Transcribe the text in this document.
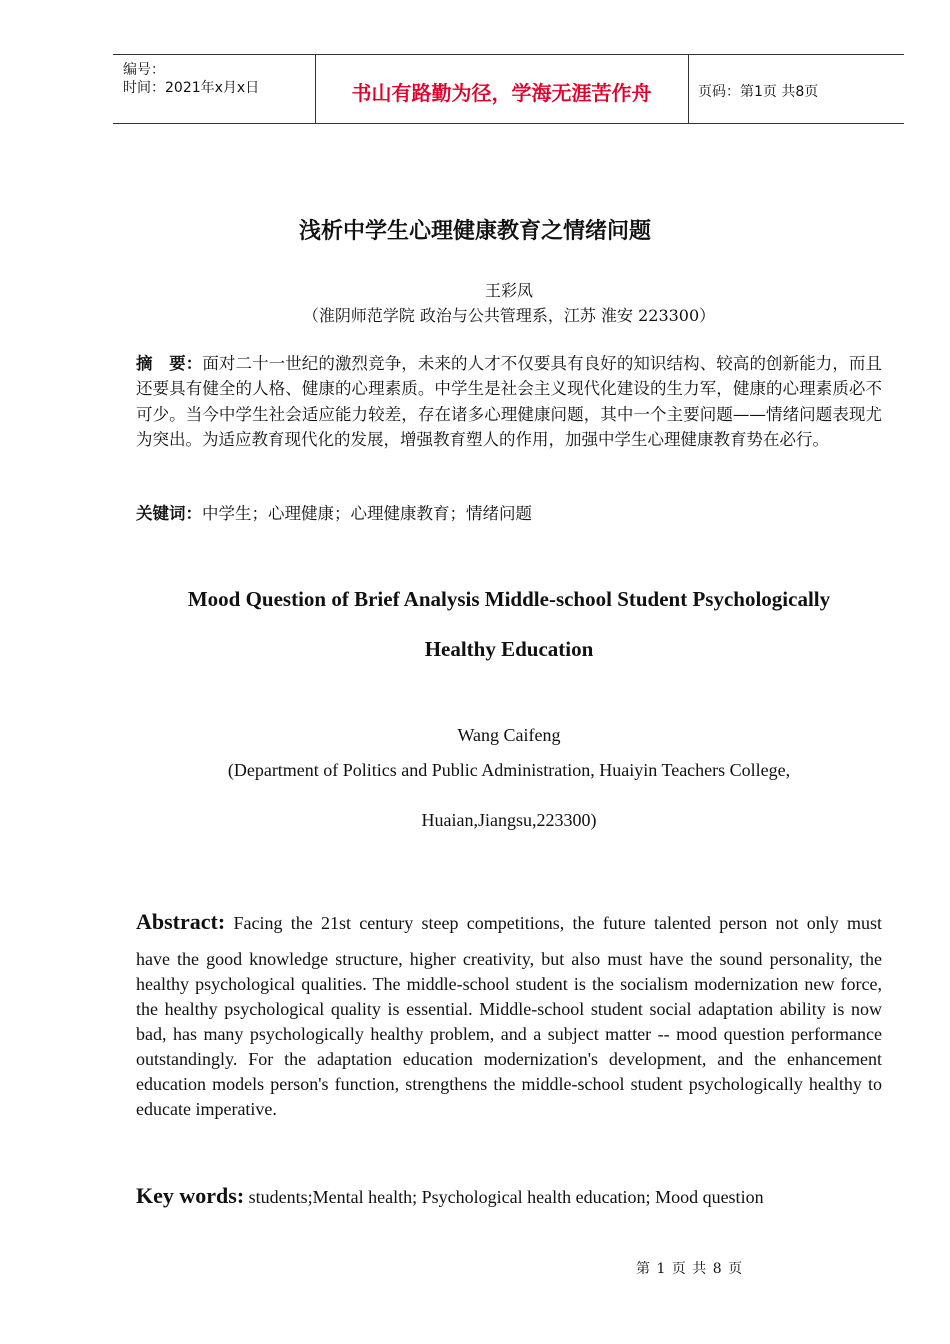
编号：
时间：2021年x月x日	书山有路勤为径，学海无涯苦作舟	页码：第1页 共8页
浅析中学生心理健康教育之情绪问题
王彩凤
（淮阴师范学院 政治与公共管理系，江苏 淮安 223300）
摘　要：面对二十一世纪的激烈竞争，未来的人才不仅要具有良好的知识结构、较高的创新能力，而且还要具有健全的人格、健康的心理素质。中学生是社会主义现代化建设的生力军，健康的心理素质必不可少。当今中学生社会适应能力较差，存在诸多心理健康问题，其中一个主要问题——情绪问题表现尤为突出。为适应教育现代化的发展，增强教育塑人的作用，加强中学生心理健康教育势在必行。
关键词：中学生；心理健康；心理健康教育；情绪问题
Mood Question of Brief Analysis Middle-school Student Psychologically
Healthy Education
Wang Caifeng
(Department of Politics and Public Administration, Huaiyin Teachers College,
Huaian,Jiangsu,223300)
Abstract: Facing the 21st century steep competitions, the future talented person not only must
have the good knowledge structure, higher creativity, but also must have the sound personality, the healthy psychological qualities. The middle-school student is the socialism modernization new force, the healthy psychological quality is essential. Middle-school student social adaptation ability is now bad, has many psychologically healthy problem, and a subject matter -- mood question performance outstandingly. For the adaptation education modernization's development, and the enhancement education models person's function, strengthens the middle-school student psychologically healthy to educate imperative.
Key words: students;Mental health; Psychological health education; Mood question
第 1 页 共 8 页
